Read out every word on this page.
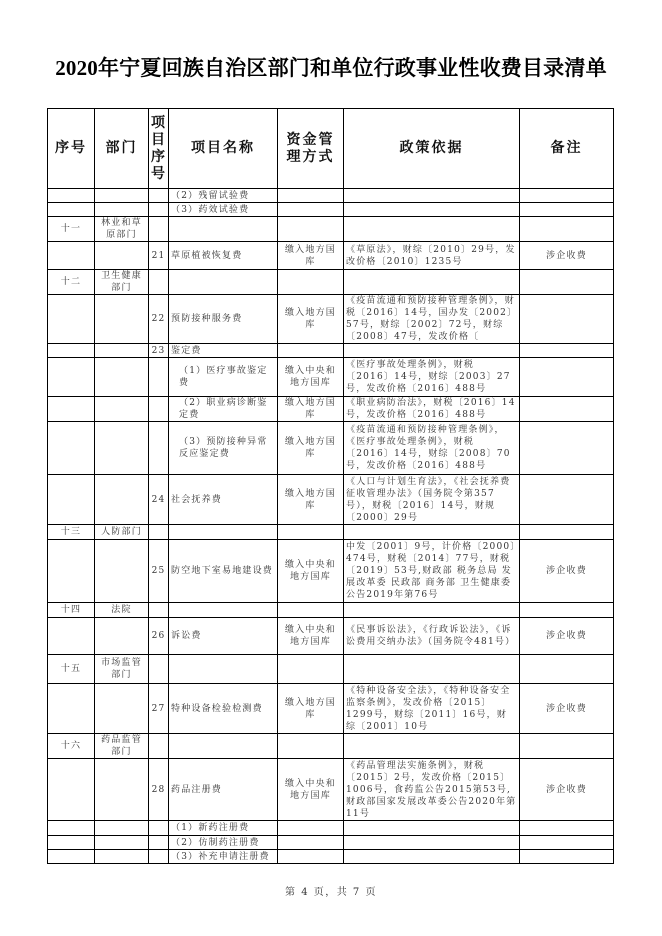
2020年宁夏回族自治区部门和单位行政事业性收费目录清单
序号	部门	项
目
序
号	项目名称	资金管理方式	政策依据	备注
			（2）残留试验费			
			（3）药效试验费			
十一	林业和草原部门					
		21	草原植被恢复费	缴入地方国库	《草原法》，财综〔2010〕29号，发改价格〔2010〕1235号	涉企收费
十二	卫生健康部门					
		22	预防接种服务费	缴入地方国库	《疫苗流通和预防接种管理条例》，财税〔2016〕14号，国办发〔2002〕57号，财综〔2002〕72号，财综〔2008〕47号，发改价格〔	
		23	鉴定费			
			（1）医疗事故鉴定费	缴入中央和地方国库	《医疗事故处理条例》，财税〔2016〕14号，财综〔2003〕27号，发改价格〔2016〕488号	
			（2）职业病诊断鉴定费	缴入地方国库	《职业病防治法》，财税〔2016〕14号，发改价格〔2016〕488号	
			（3）预防接种异常反应鉴定费	缴入地方国库	《疫苗流通和预防接种管理条例》，《医疗事故处理条例》，财税〔2016〕14号，财综〔2008〕70号，发改价格〔2016〕488号	
		24	社会抚养费	缴入地方国库	《人口与计划生育法》，《社会抚养费征收管理办法》（国务院令第357号），财税〔2016〕14号，财规〔2000〕29号	
十三	人防部门					
		25	防空地下室易地建设费	缴入中央和地方国库	中发〔2001〕9号，计价格〔2000〕474号，财税〔2014〕77号，财税〔2019〕53号,财政部 税务总局 发展改革委 民政部 商务部 卫生健康委公告2019年第76号	涉企收费
十四	法院					
		26	诉讼费	缴入中央和地方国库	《民事诉讼法》，《行政诉讼法》，《诉讼费用交纳办法》（国务院令481号）	涉企收费
十五	市场监管部门					
		27	特种设备检验检测费	缴入地方国库	《特种设备安全法》，《特种设备安全监察条例》，发改价格〔2015〕1299号，财综〔2011〕16号，财综〔2001〕10号	涉企收费
十六	药品监管部门					
		28	药品注册费	缴入中央和地方国库	《药品管理法实施条例》，财税〔2015〕2号，发改价格〔2015〕1006号，食药监公告2015第53号,财政部国家发展改革委公告2020年第11号	涉企收费
			（1）新药注册费			
			（2）仿制药注册费			
			（3）补充申请注册费			
第 4 页，共 7 页
